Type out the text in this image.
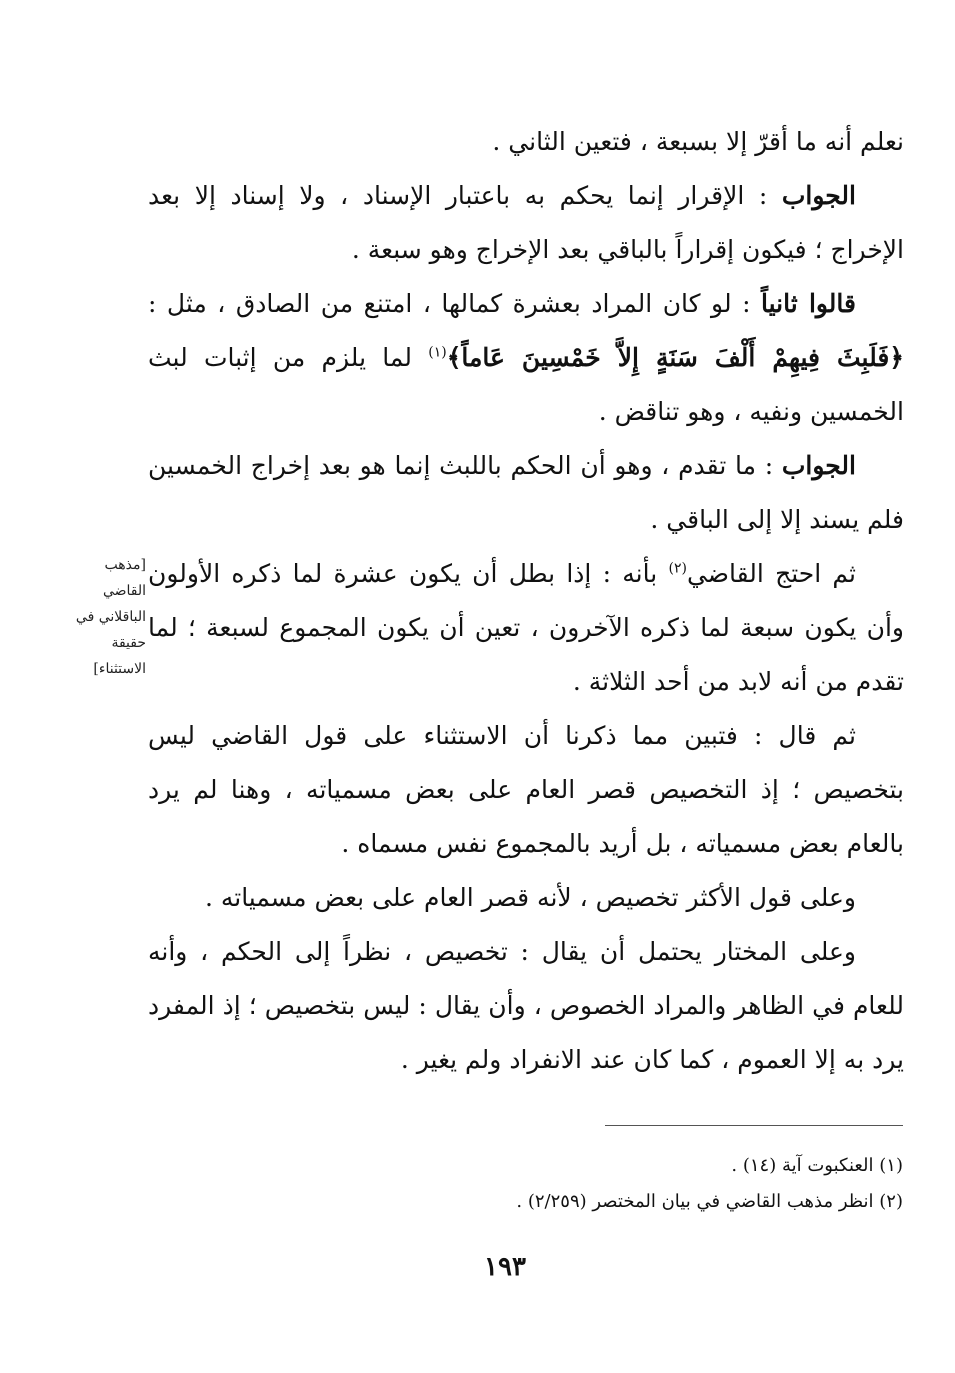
نعلم أنه ما أقرّ إلا بسبعة ، فتعين الثاني .

الجواب : الإقرار إنما يحكم به باعتبار الإسناد ، ولا إسناد إلا بعد الإخراج ؛ فيكون إقراراً بالباقي بعد الإخراج وهو سبعة .

قالوا ثانياً : لو كان المراد بعشرة كمالها ، امتنع من الصادق ، مثل : ﴿فَلَبِثَ فِيهِمْ أَلْفَ سَنَةٍ إِلاَّ خَمْسِينَ عَاماً﴾$^{(١)}$ لما يلزم من إثبات لبث الخمسين ونفيه ، وهو تناقض .

الجواب : ما تقدم ، وهو أن الحكم باللبث إنما هو بعد إخراج الخمسين فلم يسند إلا إلى الباقي .

ثم احتج القاضي$^{(٢)}$ بأنه : إذا بطل أن يكون عشرة لما ذكره الأولون وأن يكون سبعة لما ذكره الآخرون ، تعين أن يكون المجموع لسبعة ؛ لما تقدم من أنه لابد من أحد الثلاثة .

ثم قال : فتبين مما ذكرنا أن الاستثناء على قول القاضي ليس بتخصيص ؛ إذ التخصيص قصر العام على بعض مسمياته ، وهنا لم يرد بالعام بعض مسمياته ، بل أريد بالمجموع نفس مسماه .

وعلى قول الأكثر تخصيص ، لأنه قصر العام على بعض مسمياته .

وعلى المختار يحتمل أن يقال : تخصيص ، نظراً إلى الحكم ، وأنه للعام في الظاهر والمراد الخصوص ، وأن يقال : ليس بتخصيص ؛ إذ المفرد يرد به إلا العموم ، كما كان عند الانفراد ولم يغير .

[مذهب القاضي الباقلاني في حقيقة الاستثناء]

(١) العنكبوت آية (١٤) .

(٢) انظر مذهب القاضي في بيان المختصر (٢/٢٥٩) .

١٩٣
